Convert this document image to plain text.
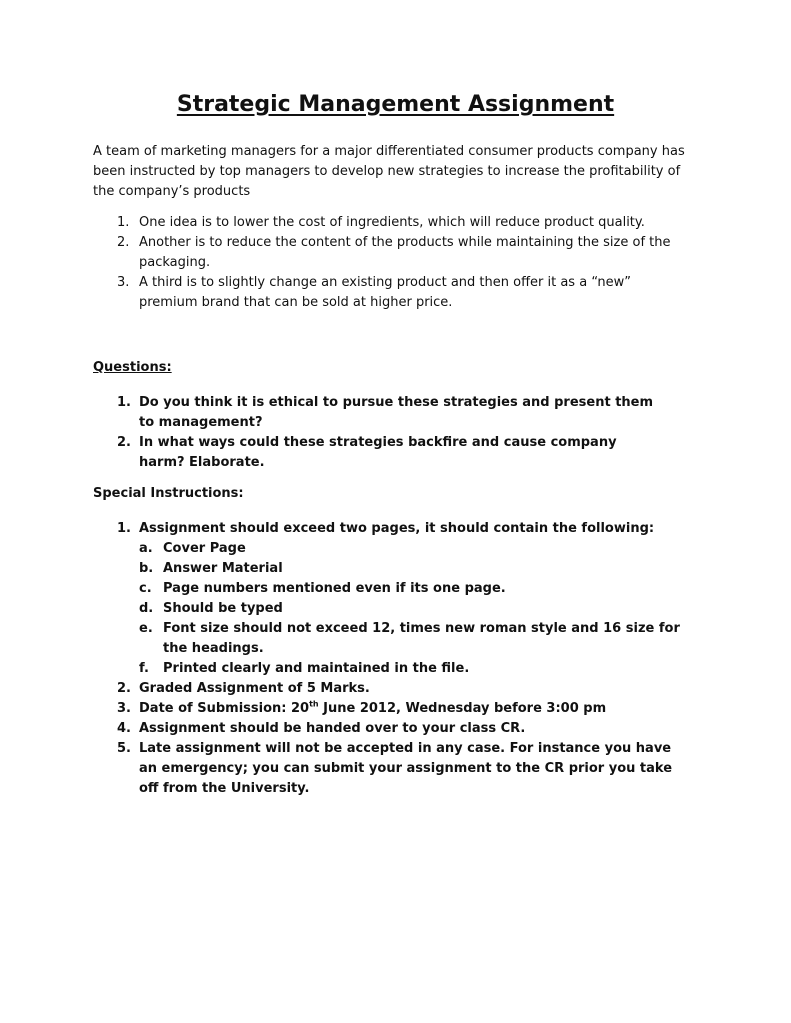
Strategic Management Assignment
A team of marketing managers for a major differentiated consumer products company has been instructed by top managers to develop new strategies to increase the profitability of the company’s products
1. One idea is to lower the cost of ingredients, which will reduce product quality.
2. Another is to reduce the content of the products while maintaining the size of the packaging.
3. A third is to slightly change an existing product and then offer it as a “new” premium brand that can be sold at higher price.
Questions:
1. Do you think it is ethical to pursue these strategies and present them to management?
2. In what ways could these strategies backfire and cause company harm? Elaborate.
Special Instructions:
1. Assignment should exceed two pages, it should contain the following:
a. Cover Page
b. Answer Material
c. Page numbers mentioned even if its one page.
d. Should be typed
e. Font size should not exceed 12, times new roman style and 16 size for the headings.
f.	Printed clearly and maintained in the file.
2. Graded Assignment of 5 Marks.
3. Date of Submission: 20th June 2012, Wednesday before 3:00 pm
4. Assignment should be handed over to your class CR.
5. Late assignment will not be accepted in any case. For instance you have an emergency; you can submit your assignment to the CR prior you take off from the University.
